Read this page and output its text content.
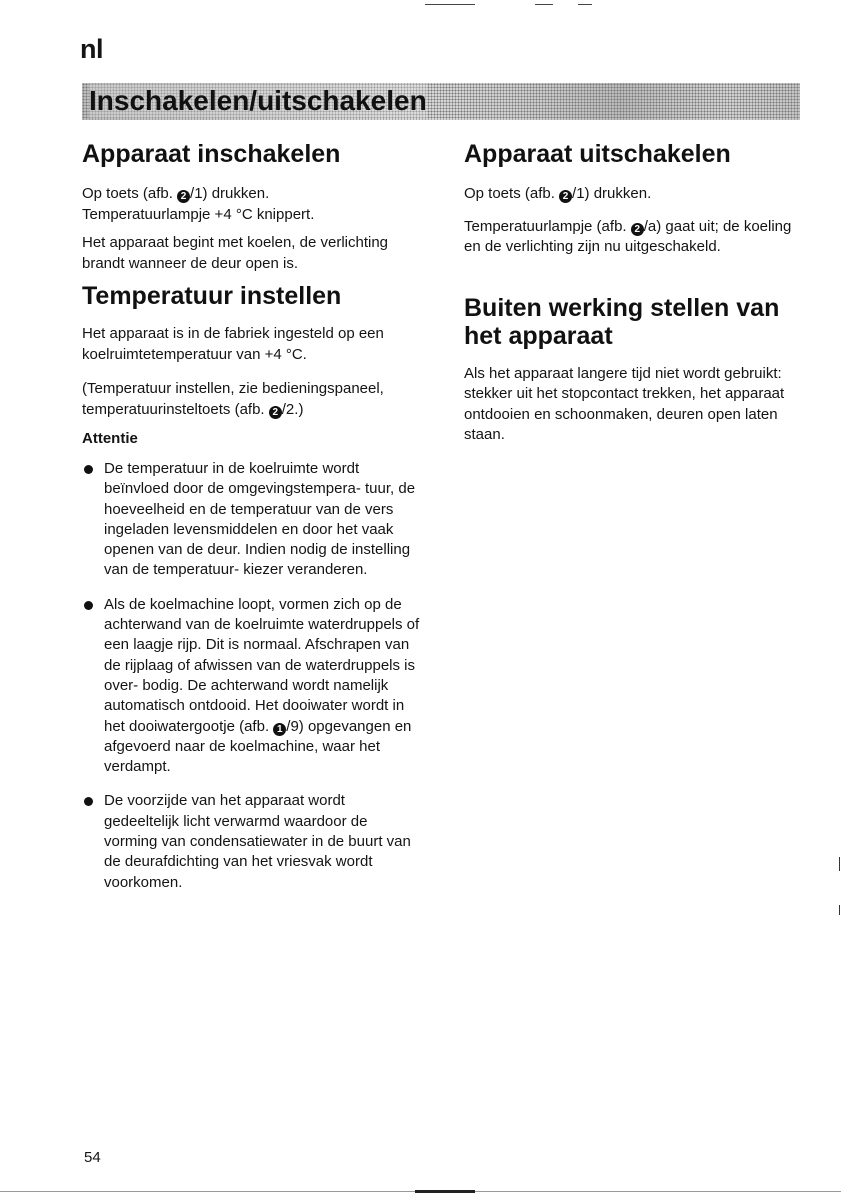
nl
Inschakelen/uitschakelen
Apparaat inschakelen

Op toets (afb. 2 /1) drukken.

Temperatuurlampje +4 °C knippert.

Het apparaat begint met koelen, de verlichting brandt wanneer de deur open is.

Temperatuur instellen

Het apparaat is in de fabriek ingesteld op een koelruimtetemperatuur van +4 °C.

(Temperatuur instellen, zie bedieningspaneel, temperatuurinsteltoets (afb. 2 /2.)

Attentie
De temperatuur in de koelruimte wordt beïnvloed door de omgevingstempera- tuur, de hoeveelheid en de temperatuur van de vers ingeladen levensmiddelen en door het vaak openen van de deur. Indien nodig de instelling van de temperatuur- kiezer veranderen.
Als de koelmachine loopt, vormen zich op de achterwand van de koelruimte waterdruppels of een laagje rijp. Dit is normaal. Afschrapen van de rijplaag of afwissen van de waterdruppels is over- bodig. De achterwand wordt namelijk automatisch ontdooid. Het dooiwater wordt in het dooiwatergootje (afb. 1 /9) opgevangen en afgevoerd naar de koelmachine, waar het verdampt.
De voorzijde van het apparaat wordt gedeeltelijk licht verwarmd waardoor de vorming van condensatiewater in de buurt van de deurafdichting van het vriesvak wordt voorkomen.
Apparaat uitschakelen

Op toets (afb. 2 /1) drukken.

Temperatuurlampje (afb. 2 /a) gaat uit; de koeling en de verlichting zijn nu uitgeschakeld.

Buiten werking stellen van het apparaat

Als het apparaat langere tijd niet wordt gebruikt: stekker uit het stopcontact trekken, het apparaat ontdooien en schoonmaken, deuren open laten staan.

54
